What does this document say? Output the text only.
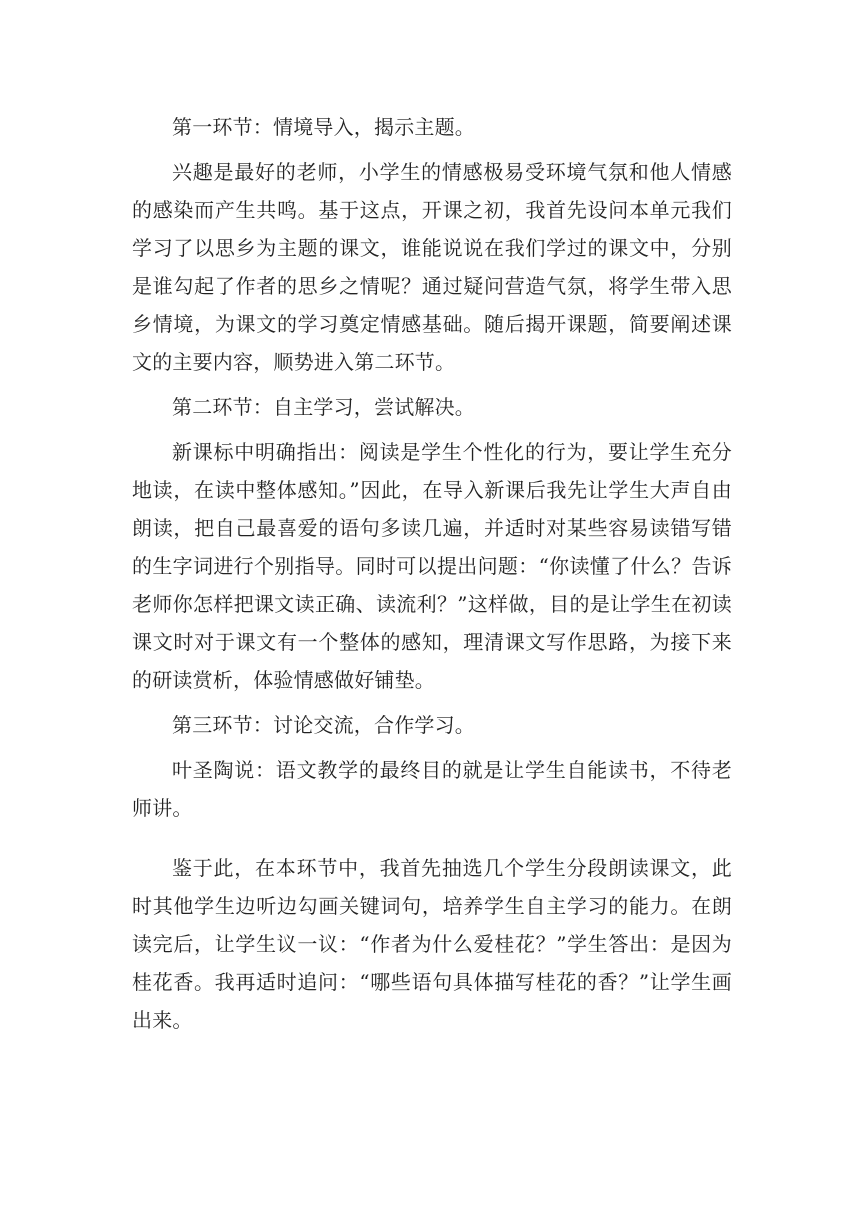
第一环节：情境导入，揭示主题。

兴趣是最好的老师，小学生的情感极易受环境气氛和他人情感的感染而产生共鸣。基于这点，开课之初，我首先设问本单元我们学习了以思乡为主题的课文，谁能说说在我们学过的课文中，分别是谁勾起了作者的思乡之情呢？通过疑问营造气氛，将学生带入思乡情境，为课文的学习奠定情感基础。随后揭开课题，简要阐述课文的主要内容，顺势进入第二环节。

第二环节：自主学习，尝试解决。

新课标中明确指出：阅读是学生个性化的行为，要让学生充分地读，在读中整体感知。”因此，在导入新课后我先让学生大声自由朗读，把自己最喜爱的语句多读几遍，并适时对某些容易读错写错的生字词进行个别指导。同时可以提出问题：“你读懂了什么？告诉老师你怎样把课文读正确、读流利？”这样做，目的是让学生在初读课文时对于课文有一个整体的感知，理清课文写作思路，为接下来的研读赏析，体验情感做好铺垫。

第三环节：讨论交流，合作学习。

叶圣陶说：语文教学的最终目的就是让学生自能读书，不待老师讲。

鉴于此，在本环节中，我首先抽选几个学生分段朗读课文，此时其他学生边听边勾画关键词句，培养学生自主学习的能力。在朗读完后，让学生议一议：“作者为什么爱桂花？”学生答出：是因为桂花香。我再适时追问：“哪些语句具体描写桂花的香？”让学生画出来。
